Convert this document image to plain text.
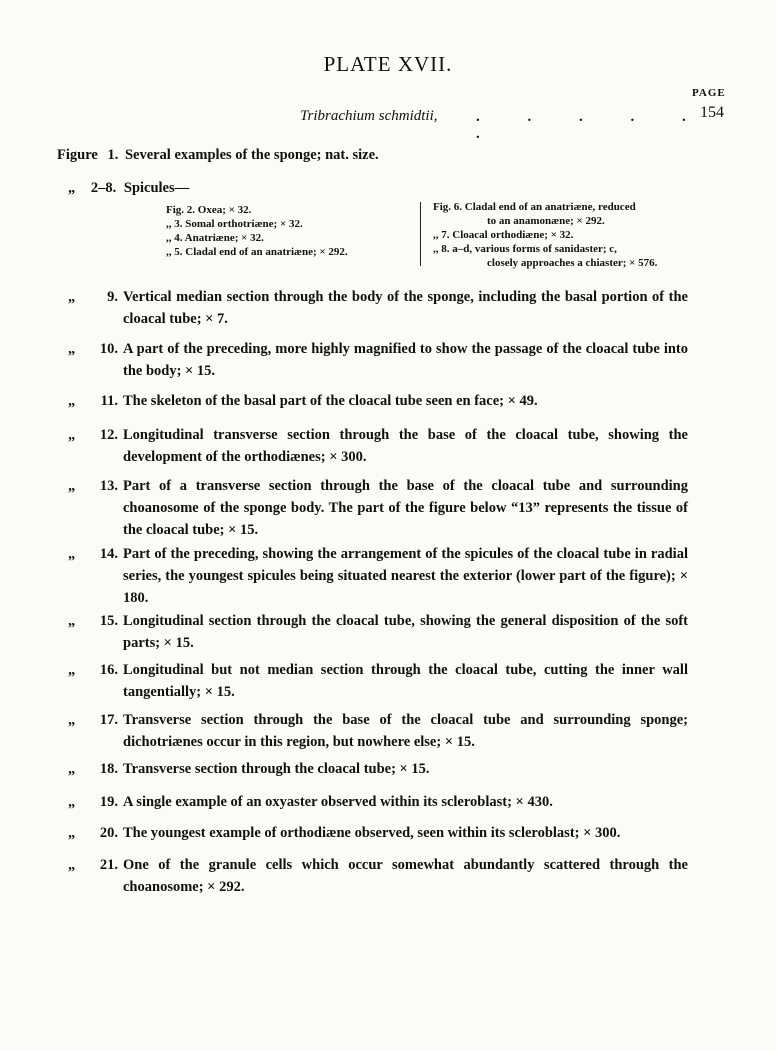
PLATE XVII.
PAGE
Tribrachium schmidtii,	. . . . . .
154
Figure 1. Several examples of the sponge; nat. size.
„ 2–8. Spicules—
Fig. 2. Oxea; × 32.
,, 3. Somal orthotriæne; × 32.
,, 4. Anatriæne; × 32.
,, 5. Cladal end of an anatriæne; × 292.
Fig. 6. Cladal end of an anatriæne, reduced
to an anamonæne; × 292.
,, 7. Cloacal orthodiæne; × 32.
,, 8. a–d, various forms of sanidaster; c,
closely approaches a chiaster; × 576.
„	9. Vertical median section through the body of the sponge, including the basal portion of the cloacal tube; × 7.
„	10. A part of the preceding, more highly magnified to show the passage of the cloacal tube into the body; × 15.
„	11. The skeleton of the basal part of the cloacal tube seen en face; × 49.
„	12. Longitudinal transverse section through the base of the cloacal tube, showing the development of the orthodiænes; × 300.
„	13. Part of a transverse section through the base of the cloacal tube and surrounding choanosome of the sponge body. The part of the figure below “13” represents the tissue of the cloacal tube; × 15.
„	14. Part of the preceding, showing the arrangement of the spicules of the cloacal tube in radial series, the youngest spicules being situated nearest the exterior (lower part of the figure); × 180.
„	15. Longitudinal section through the cloacal tube, showing the general disposition of the soft parts; × 15.
„	16. Longitudinal but not median section through the cloacal tube, cutting the inner wall tangentially; × 15.
„	17. Transverse section through the base of the cloacal tube and surrounding sponge; dichotriænes occur in this region, but nowhere else; × 15.
„	18. Transverse section through the cloacal tube; × 15.
„	19. A single example of an oxyaster observed within its scleroblast; × 430.
„	20. The youngest example of orthodiæne observed, seen within its scleroblast; × 300.
„	21. One of the granule cells which occur somewhat abundantly scattered through the choanosome; × 292.
